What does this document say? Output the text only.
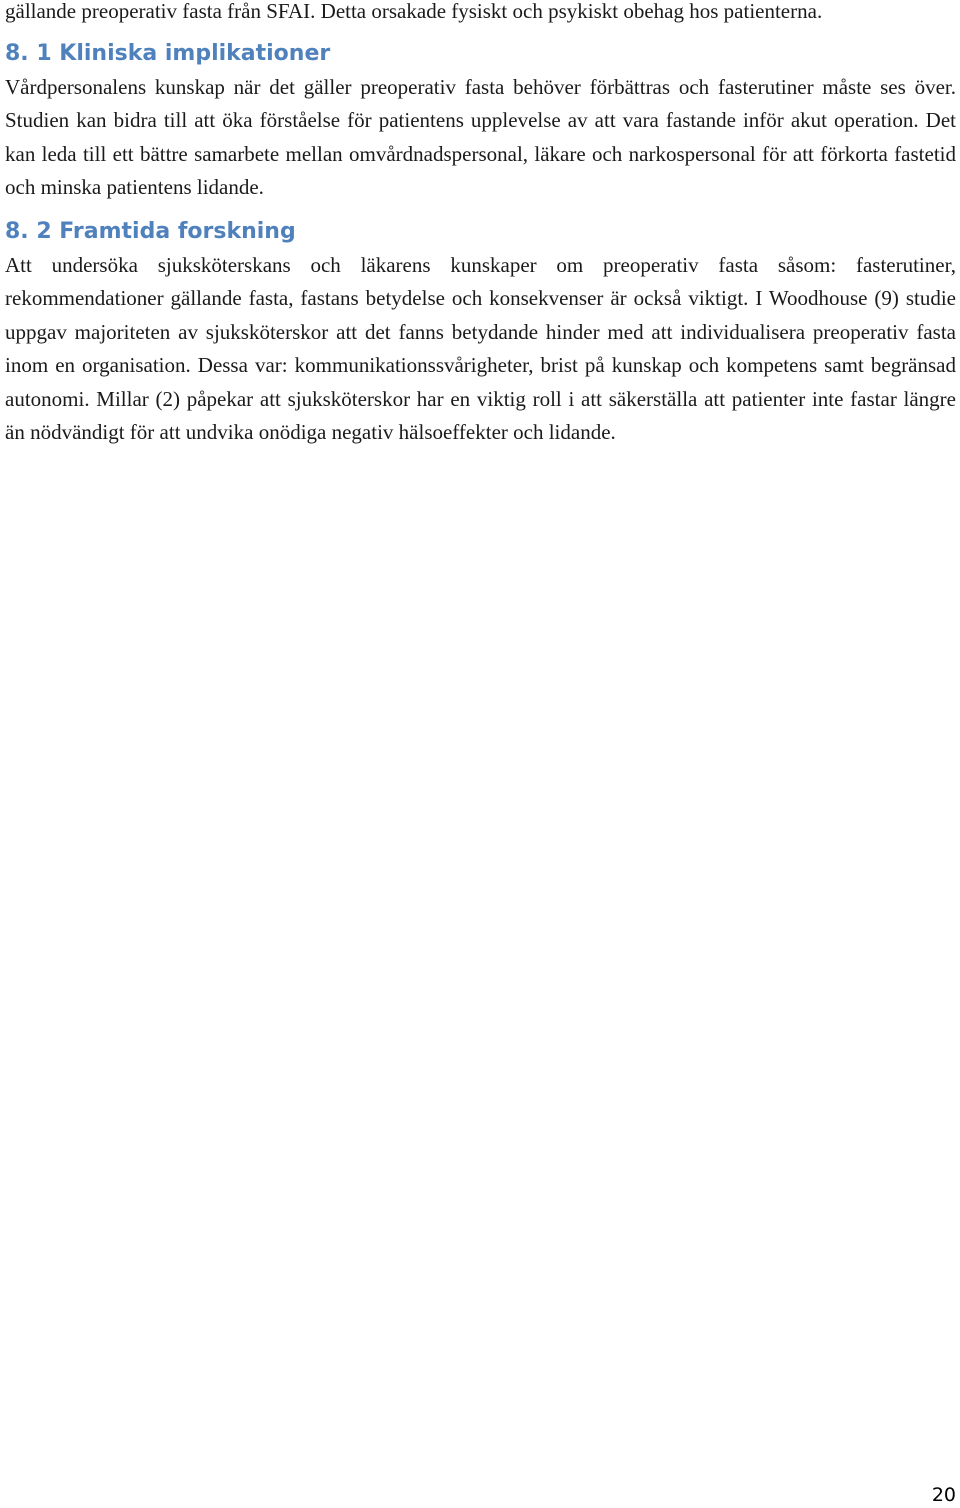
gällande preoperativ fasta från SFAI. Detta orsakade fysiskt och psykiskt obehag hos patienterna.

8. 1 Kliniska implikationer

Vårdpersonalens kunskap när det gäller preoperativ fasta behöver förbättras och fasterutiner måste ses över. Studien kan bidra till att öka förståelse för patientens upplevelse av att vara fastande inför akut operation. Det kan leda till ett bättre samarbete mellan omvårdnadspersonal, läkare och narkospersonal för att förkorta fastetid och minska patientens lidande.

8. 2 Framtida forskning

Att undersöka sjuksköterskans och läkarens kunskaper om preoperativ fasta såsom: fasterutiner, rekommendationer gällande fasta, fastans betydelse och konsekvenser är också viktigt. I Woodhouse (9) studie uppgav majoriteten av sjuksköterskor att det fanns betydande hinder med att individualisera preoperativ fasta inom en organisation. Dessa var: kommunikationssvårigheter, brist på kunskap och kompetens samt begränsad autonomi. Millar (2) påpekar att sjuksköterskor har en viktig roll i att säkerställa att patienter inte fastar längre än nödvändigt för att undvika onödiga negativ hälsoeffekter och lidande.

20
